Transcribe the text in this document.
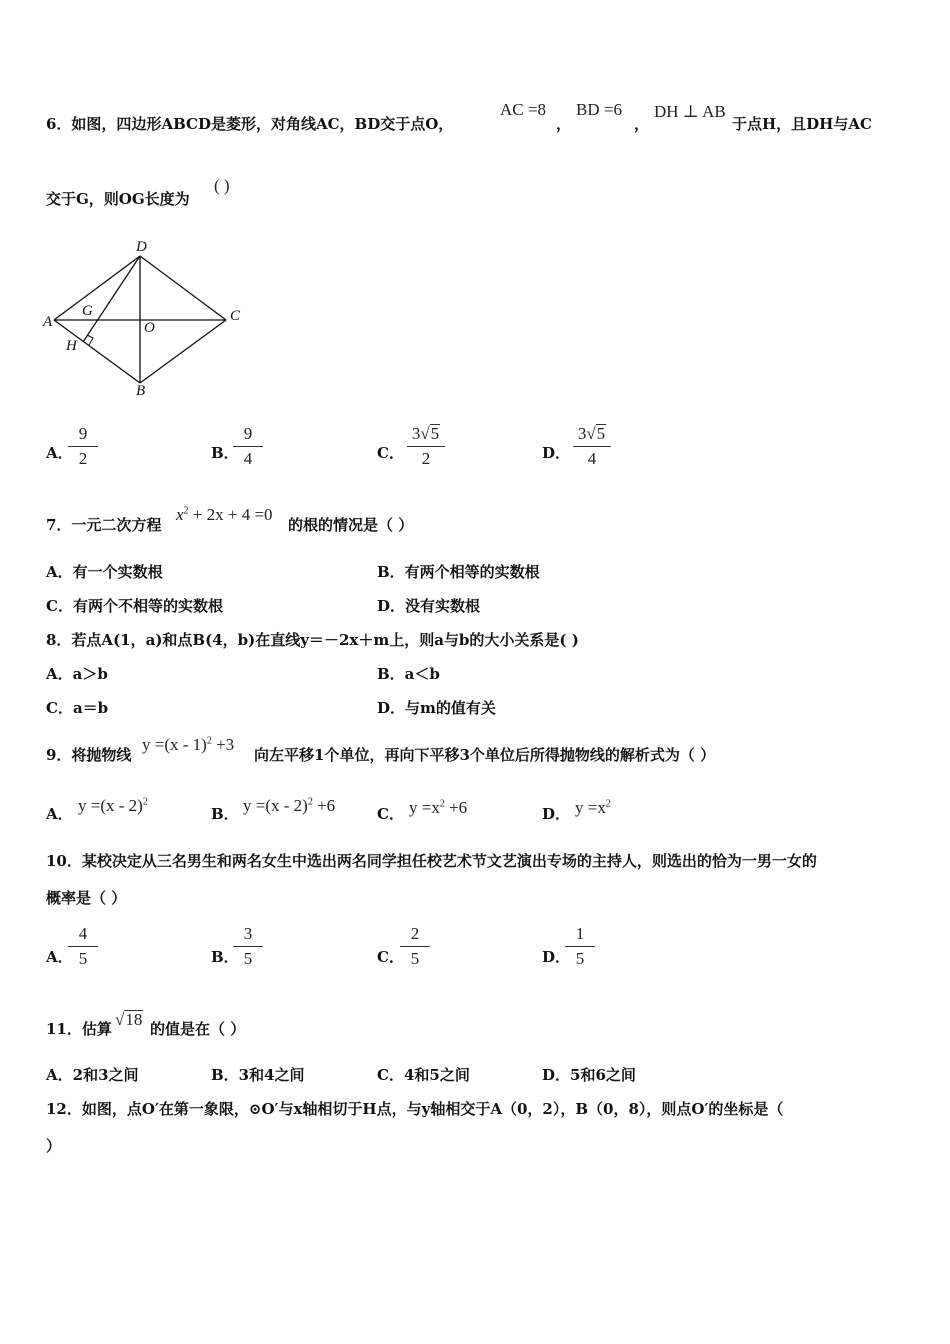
6．如图，四边形ABCD是菱形，对角线AC，BD交于点O，
AC =8
，
BD =6
，
DH ⊥ AB
于点H，且DH与AC
交于G，则OG长度为
( )
D
A	C
B
G
O
H
A．
9
2	B．
9
4	C．
3√5
2	D．
3√5
4
7．一元二次方程
$x^2 + 2x + 4 =0$
的根的情况是（ ）
A．有一个实数根	B．有两个相等的实数根
C．有两个不相等的实数根	D．没有实数根
8．若点A(1，a)和点B(4，b)在直线y＝－2x＋m上，则a与b的大小关系是( )
A．a＞b	B．a＜b
C．a＝b	D．与m的值有关
9．将抛物线
y =(x - 1)$^2$ +3
向左平移1个单位，再向下平移3个单位后所得抛物线的解析式为（ ）
A． y =(x - 2)$^2$
B． y =(x - 2)$^2$ +6	C． $y =x^2 +6$	D． $y =x^2$
10．某校决定从三名男生和两名女生中选出两名同学担任校艺术节文艺演出专场的主持人，则选出的恰为一男一女的
概率是（ ）
A．
4
5	B．
3
5	C．
2
5	D．
1
5
11．估算 √18 的值是在（ ）
A．2和3之间	B．3和4之间	C．4和5之间	D．5和6之间
12．如图，点O′在第一象限，⊙O′与x轴相切于H点，与y轴相交于A（0，2），B（0，8），则点O′的坐标是（
）
